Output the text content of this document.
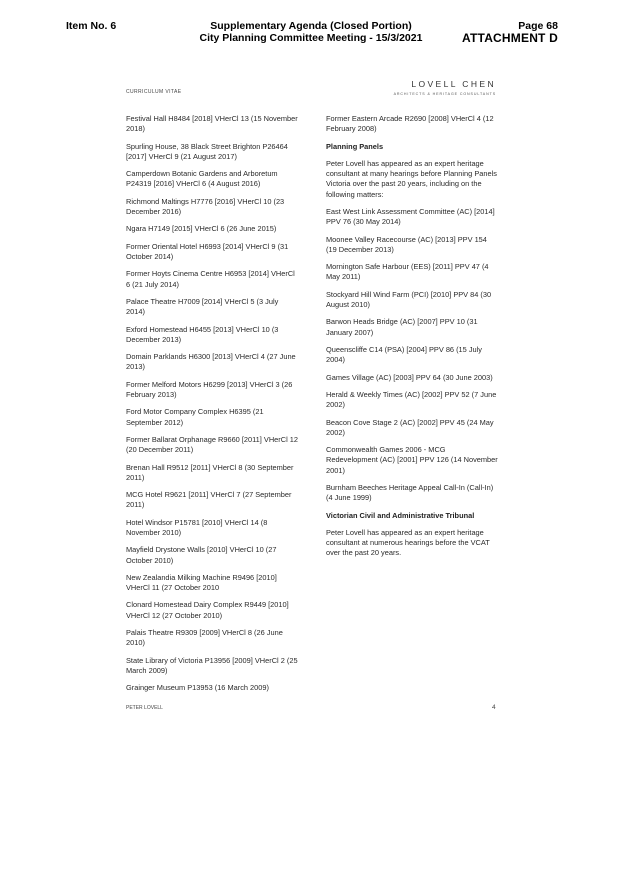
Item No. 6	Supplementary Agenda (Closed Portion)
City Planning Committee Meeting - 15/3/2021
Page 68
ATTACHMENT D
LOVELL CHEN
ARCHITECTS & HERITAGE CONSULTANTS
CURRICULUM VITAE

Festival Hall H8484 [2018] VHerCl 13 (15 November 2018)

Spurling House, 38 Black Street Brighton P26464 [2017] VHerCl 9 (21 August 2017)

Camperdown Botanic Gardens and Arboretum P24319 [2016] VHerCl 6 (4 August 2016)

Richmond Maltings H7776 [2016] VHerCl 10 (23 December 2016)

Ngara H7149 [2015] VHerCl 6 (26 June 2015)

Former Oriental Hotel H6993 [2014] VHerCl 9 (31 October 2014)

Former Hoyts Cinema Centre H6953 [2014] VHerCl 6 (21 July 2014)

Palace Theatre H7009 [2014] VHerCl 5 (3 July 2014)

Exford Homestead H6455 [2013] VHerCl 10 (3 December 2013)

Domain Parklands H6300 [2013] VHerCl 4 (27 June 2013)

Former Melford Motors H6299 [2013] VHerCl 3 (26 February 2013)

Ford Motor Company Complex H6395 (21 September 2012)

Former Ballarat Orphanage R9660 [2011] VHerCl 12 (20 December 2011)

Brenan Hall R9512 [2011] VHerCl 8 (30 September 2011)

MCG Hotel R9621 [2011] VHerCl 7 (27 September 2011)

Hotel Windsor P15781 [2010] VHerCl 14 (8 November 2010)

Mayfield Drystone Walls [2010] VHerCl 10 (27 October 2010)

New Zealandia Milking Machine R9496 [2010] VHerCl 11 (27 October 2010

Clonard Homestead Dairy Complex R9449 [2010] VHerCl 12 (27 October 2010)

Palais Theatre R9309 [2009] VHerCl 8 (26 June 2010)

State Library of Victoria P13956 [2009] VHerCl 2 (25 March 2009)

Grainger Museum P13953 (16 March 2009)

Former Eastern Arcade R2690 [2008] VHerCl 4 (12 February 2008)

Planning Panels

Peter Lovell has appeared as an expert heritage consultant at many hearings before Planning Panels Victoria over the past 20 years, including on the following matters:

East West Link Assessment Committee (AC) [2014] PPV 76 (30 May 2014)

Moonee Valley Racecourse (AC) [2013] PPV 154 (19 December 2013)

Mornington Safe Harbour (EES) [2011] PPV 47 (4 May 2011)

Stockyard Hill Wind Farm (PCI) [2010] PPV 84 (30 August 2010)

Barwon Heads Bridge (AC) [2007] PPV 10 (31 January 2007)

Queenscliffe C14 (PSA) [2004] PPV 86 (15 July 2004)

Games Village (AC) [2003] PPV 64 (30 June 2003)

Herald & Weekly Times (AC) [2002] PPV 52 (7 June 2002)

Beacon Cove Stage 2 (AC) [2002] PPV 45 (24 May 2002)

Commonwealth Games 2006 - MCG Redevelopment (AC) [2001] PPV 126 (14 November 2001)

Burnham Beeches Heritage Appeal Call-In (Call-In) (4 June 1999)

Victorian Civil and Administrative Tribunal

Peter Lovell has appeared as an expert heritage consultant at numerous hearings before the VCAT over the past 20 years.

PETER LOVELL	4
